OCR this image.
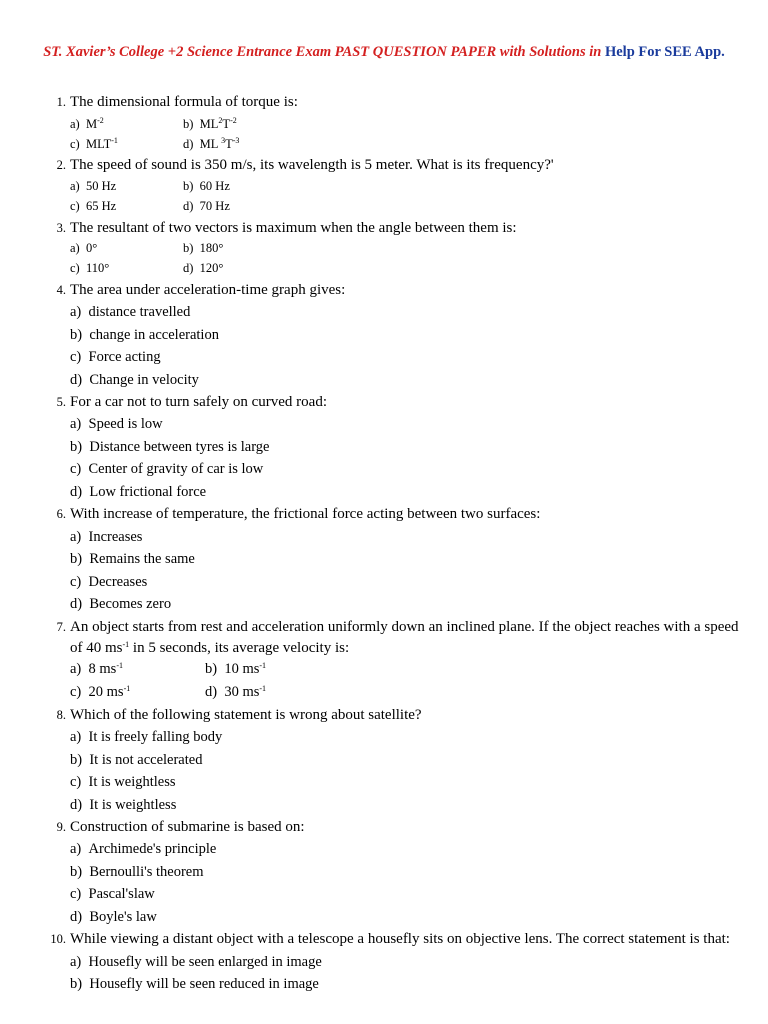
ST. Xavier’s College +2 Science Entrance Exam PAST QUESTION PAPER with Solutions in Help For SEE App.
1. The dimensional formula of torque is:
a) $M^{-2}$	b) $ML^2T^{-2}$
c) $MLT^{-1}$	d) ML $^3T^{-3}$
2. The speed of sound is 350 m/s, its wavelength is 5 meter. What is its frequency?'
a) 50 Hz	b) 60 Hz
c) 65 Hz	d) 70 Hz
3. The resultant of two vectors is maximum when the angle between them is:
a) 0°	b) 180°
c) 110°	d) 120°
4. The area under acceleration-time graph gives:
a) distance travelled
b) change in acceleration
c) Force acting
d) Change in velocity
5. For a car not to turn safely on curved road:
a) Speed is low
b) Distance between tyres is large
c) Center of gravity of car is low
d) Low frictional force
6. With increase of temperature, the frictional force acting between two surfaces:
a) Increases
b) Remains the same
c) Decreases
d) Becomes zero
7. An object starts from rest and acceleration uniformly down an inclined plane. If the object reaches with a speed
of 40 $ms^{-1}$ in 5 seconds, its average velocity is:
a) 8 $ms^{-1}$	b) 10 $ms^{-1}$
c) 20 $ms^{-1}$	d) 30 $ms^{-1}$
8. Which of the following statement is wrong about satellite?
a) It is freely falling body
b) It is not accelerated
c) It is weightless
d) It is weightless
9. Construction of submarine is based on:
a) Archimede's principle
b) Bernoulli's theorem
c) Pascal'slaw
d) Boyle's law
10. While viewing a distant object with a telescope a housefly sits on objective lens. The correct statement is that:
a) Housefly will be seen enlarged in image
b) Housefly will be seen reduced in image
